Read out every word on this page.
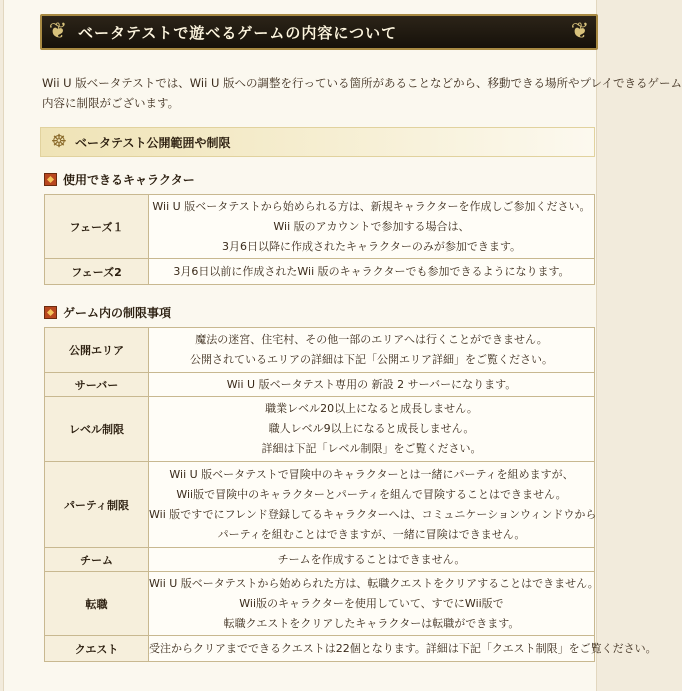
❦ ベータテストで遊べるゲームの内容について	❦
Wii U 版ベータテストでは、Wii U 版への調整を行っている箇所があることなどから、移動できる場所やプレイできるゲーム
内容に制限がございます。
☸ ベータテスト公開範囲や制限
使用できるキャラクター
フェーズ１	Wii U 版ベータテストから始められる方は、新規キャラクターを作成しご参加ください。
Wii 版のアカウントで参加する場合は、
3月6日以降に作成されたキャラクターのみが参加できます。

フェーズ2	3月6日以前に作成されたWii 版のキャラクターでも参加できるようになります。
ゲーム内の制限事項
公開エリア	魔法の迷宮、住宅村、その他一部のエリアへは行くことができません。
公開されているエリアの詳細は下記「公開エリア詳細」をご覧ください。

サーバー	Wii U 版ベータテスト専用の 新設 2 サーバーになります。

レベル制限	職業レベル20以上になると成長しません。
職人レベル9以上になると成長しません。
詳細は下記「レベル制限」をご覧ください。

パーティ制限	Wii U 版ベータテストで冒険中のキャラクターとは一緒にパーティを組めますが、
Wii版で冒険中のキャラクターとパーティを組んで冒険することはできません。
Wii 版ですでにフレンド登録してるキャラクターへは、コミュニケーションウィンドウから
パーティを組むことはできますが、一緒に冒険はできません。

チーム	チームを作成することはできません。

転職	Wii U 版ベータテストから始められた方は、転職クエストをクリアすることはできません。
Wii版のキャラクターを使用していて、すでにWii版で
転職クエストをクリアしたキャラクターは転職ができます。

クエスト	受注からクリアまでできるクエストは22個となります。詳細は下記「クエスト制限」をご覧ください。
